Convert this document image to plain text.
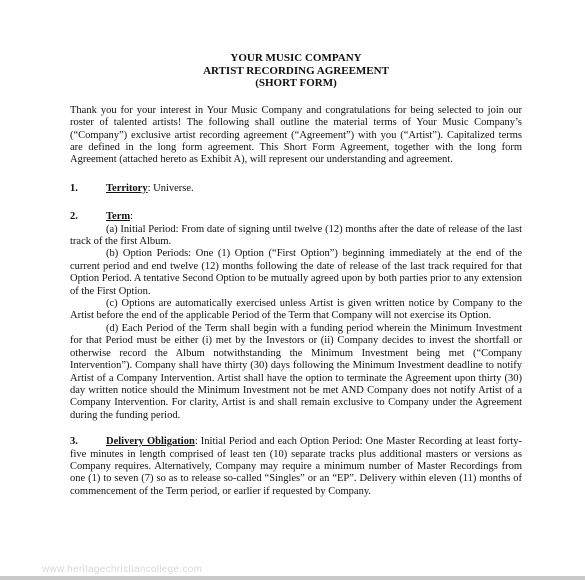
YOUR MUSIC COMPANY
ARTIST RECORDING AGREEMENT
(SHORT FORM)
Thank you for your interest in Your Music Company and congratulations for being selected to join our roster of talented artists! The following shall outline the material terms of Your Music Company’s (“Company”) exclusive artist recording agreement (“Agreement”) with you (“Artist”). Capitalized terms are defined in the long form agreement. This Short Form Agreement, together with the long form Agreement (attached hereto as Exhibit A), will represent our understanding and agreement.
1.	Territory: Universe.
2.	Term:
(a) Initial Period: From date of signing until twelve (12) months after the date of release of the last track of the first Album.
(b) Option Periods: One (1) Option (“First Option”) beginning immediately at the end of the current period and end twelve (12) months following the date of release of the last track required for that Option Period. A tentative Second Option to be mutually agreed upon by both parties prior to any extension of the First Option.
(c) Options are automatically exercised unless Artist is given written notice by Company to the Artist before the end of the applicable Period of the Term that Company will not exercise its Option.
(d) Each Period of the Term shall begin with a funding period wherein the Minimum Investment for that Period must be either (i) met by the Investors or (ii) Company decides to invest the shortfall or otherwise record the Album notwithstanding the Minimum Investment being met (“Company Intervention”). Company shall have thirty (30) days following the Minimum Investment deadline to notify Artist of a Company Intervention. Artist shall have the option to terminate the Agreement upon thirty (30) day written notice should the Minimum Investment not be met AND Company does not notify Artist of a Company Intervention. For clarity, Artist is and shall remain exclusive to Company under the Agreement during the funding period.
3.	Delivery Obligation: Initial Period and each Option Period: One Master Recording at least forty-five minutes in length comprised of least ten (10) separate tracks plus additional masters or versions as Company requires. Alternatively, Company may require a minimum number of Master Recordings from one (1) to seven (7) so as to release so-called “Singles” or an “EP”. Delivery within eleven (11) months of commencement of the Term period, or earlier if requested by Company.
www.heritagechristiancollege.com
